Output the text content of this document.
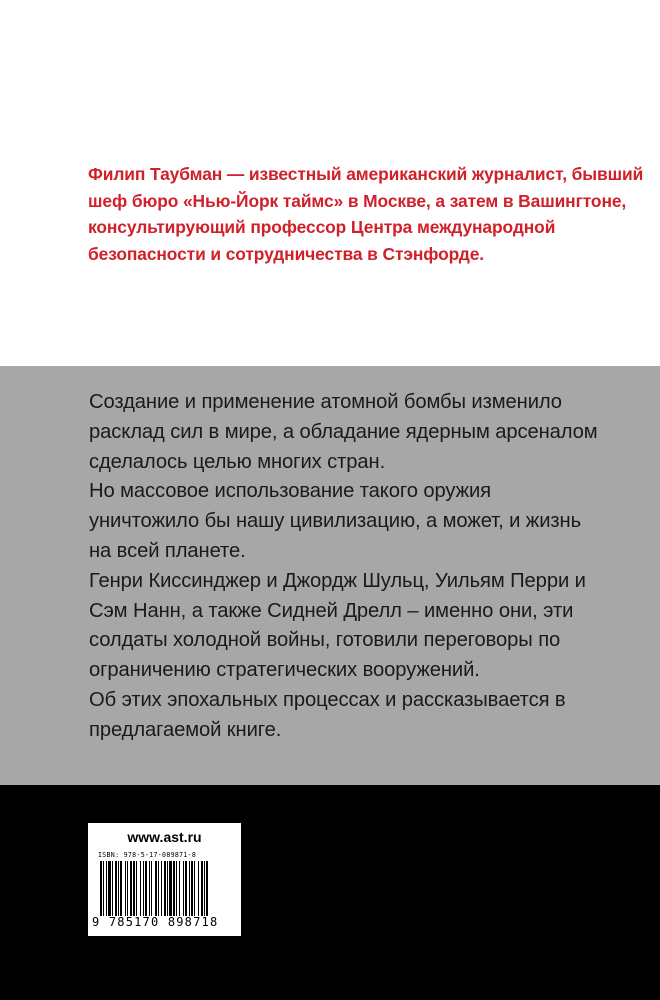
Филип Таубман — известный американский журналист, бывший
шеф бюро «Нью-Йорк таймс» в Москве, а затем в Вашингтоне,
консультирующий профессор Центра международной
безопасности и сотрудничества в Стэнфорде.

Создание и применение атомной бомбы изменило
расклад сил в мире, а обладание ядерным арсеналом
сделалось целью многих стран.
Но массовое использование такого оружия
уничтожило бы нашу цивилизацию, а может, и жизнь
на всей планете.
Генри Киссинджер и Джордж Шульц, Уильям Перри и
Сэм Нанн, а также Сидней Дрелл – именно они, эти
солдаты холодной войны, готовили переговоры по
ограничению стратегических вооружений.
Об этих эпохальных процессах и рассказывается в
предлагаемой книге.

www.ast.ru
ISBN: 978-5-17-089871-8
9 785170 898718
